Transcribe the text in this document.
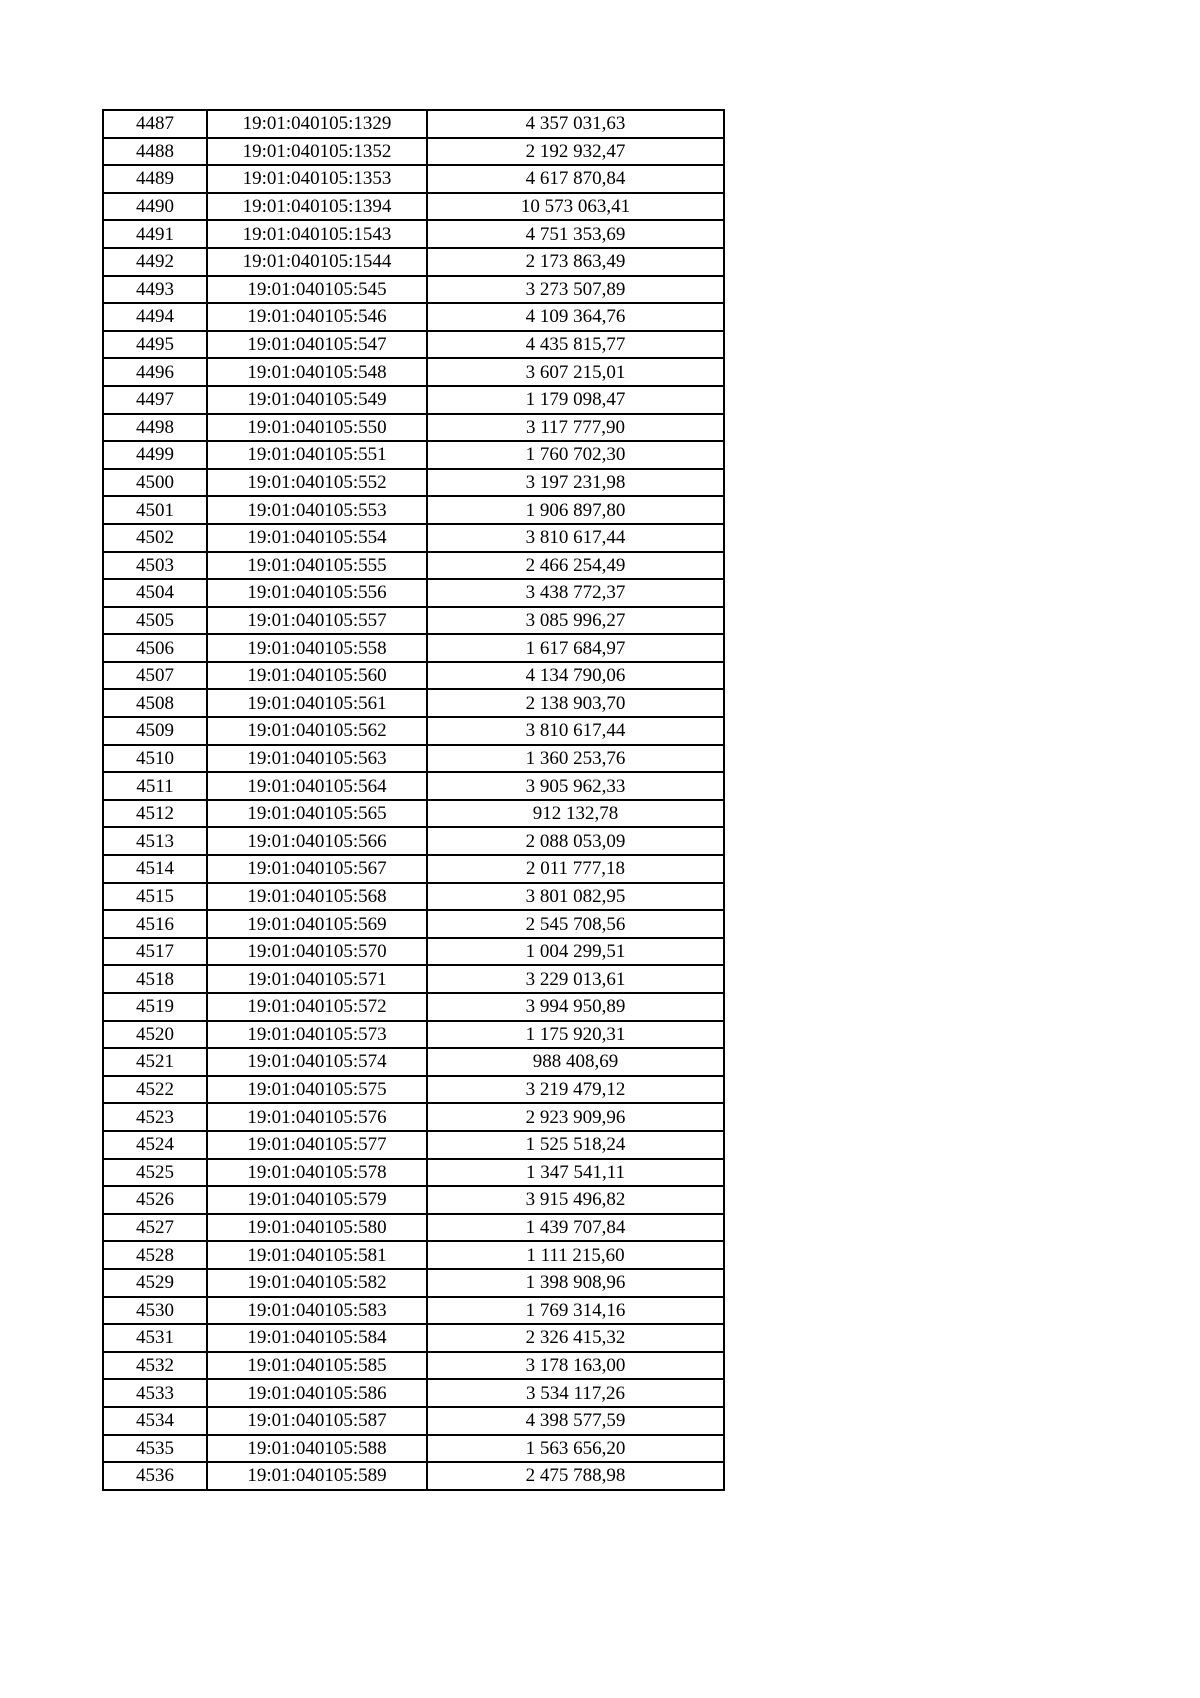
4487	19:01:040105:1329	4 357 031,63
4488	19:01:040105:1352	2 192 932,47
4489	19:01:040105:1353	4 617 870,84
4490	19:01:040105:1394	10 573 063,41
4491	19:01:040105:1543	4 751 353,69
4492	19:01:040105:1544	2 173 863,49
4493	19:01:040105:545	3 273 507,89
4494	19:01:040105:546	4 109 364,76
4495	19:01:040105:547	4 435 815,77
4496	19:01:040105:548	3 607 215,01
4497	19:01:040105:549	1 179 098,47
4498	19:01:040105:550	3 117 777,90
4499	19:01:040105:551	1 760 702,30
4500	19:01:040105:552	3 197 231,98
4501	19:01:040105:553	1 906 897,80
4502	19:01:040105:554	3 810 617,44
4503	19:01:040105:555	2 466 254,49
4504	19:01:040105:556	3 438 772,37
4505	19:01:040105:557	3 085 996,27
4506	19:01:040105:558	1 617 684,97
4507	19:01:040105:560	4 134 790,06
4508	19:01:040105:561	2 138 903,70
4509	19:01:040105:562	3 810 617,44
4510	19:01:040105:563	1 360 253,76
4511	19:01:040105:564	3 905 962,33
4512	19:01:040105:565	912 132,78
4513	19:01:040105:566	2 088 053,09
4514	19:01:040105:567	2 011 777,18
4515	19:01:040105:568	3 801 082,95
4516	19:01:040105:569	2 545 708,56
4517	19:01:040105:570	1 004 299,51
4518	19:01:040105:571	3 229 013,61
4519	19:01:040105:572	3 994 950,89
4520	19:01:040105:573	1 175 920,31
4521	19:01:040105:574	988 408,69
4522	19:01:040105:575	3 219 479,12
4523	19:01:040105:576	2 923 909,96
4524	19:01:040105:577	1 525 518,24
4525	19:01:040105:578	1 347 541,11
4526	19:01:040105:579	3 915 496,82
4527	19:01:040105:580	1 439 707,84
4528	19:01:040105:581	1 111 215,60
4529	19:01:040105:582	1 398 908,96
4530	19:01:040105:583	1 769 314,16
4531	19:01:040105:584	2 326 415,32
4532	19:01:040105:585	3 178 163,00
4533	19:01:040105:586	3 534 117,26
4534	19:01:040105:587	4 398 577,59
4535	19:01:040105:588	1 563 656,20
4536	19:01:040105:589	2 475 788,98
